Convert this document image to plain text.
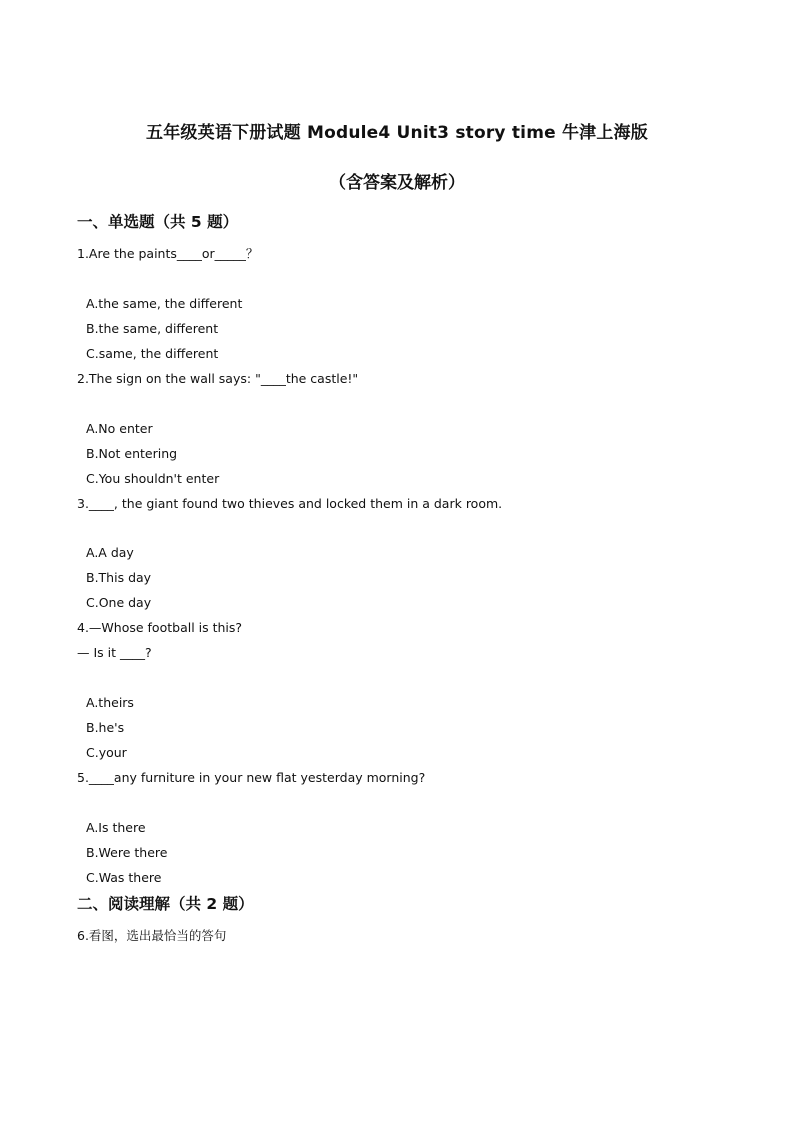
五年级英语下册试题 Module4 Unit3 story time 牛津上海版
（含答案及解析）
一、单选题（共 5 题）
1.Are the paints____or_____？
A.the same, the different
B.the same, different
C.same, the different
2.The sign on the wall says: "____the castle!"
A.No enter
B.Not entering
C.You shouldn't enter
3.____, the giant found two thieves and locked them in a dark room.
A.A day
B.This day
C.One day
4.—Whose football is this?
— Is it ____?
A.theirs
B.he's
C.your
5.____any furniture in your new flat yesterday morning?
A.Is there
B.Were there
C.Was there
二、阅读理解（共 2 题）
6.看图，选出最恰当的答句
